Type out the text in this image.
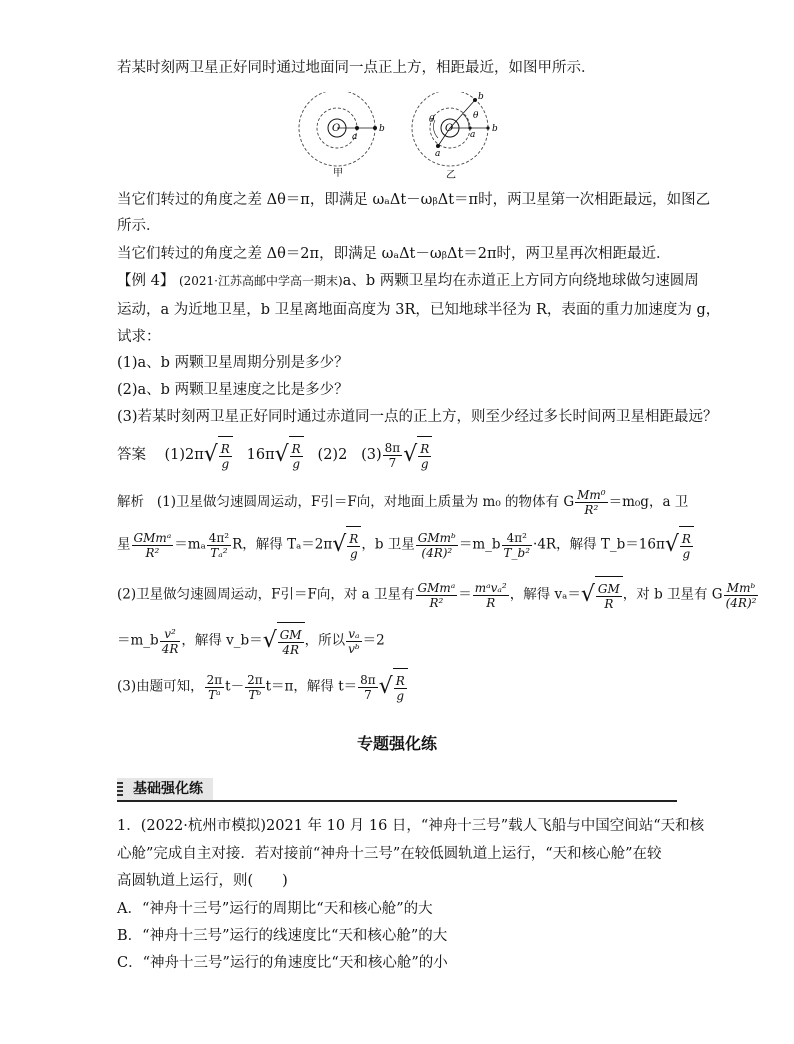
若某时刻两卫星正好同时通过地面同一点正上方，相距最近，如图甲所示．
O
a
b
甲
O
b
θ
θ
a
b
a
乙
当它们转过的角度之差 Δθ＝π，即满足 ωₐΔt－ωᵦΔt＝π时，两卫星第一次相距最远，如图乙
所示．
当它们转过的角度之差 Δθ＝2π，即满足 ωₐΔt－ωᵦΔt＝2π时，两卫星再次相距最近．
【例 4】 (2021·江苏高邮中学高一期末)a、b 两颗卫星均在赤道正上方同方向绕地球做匀速圆周
运动，a 为近地卫星，b 卫星离地面高度为 3R，已知地球半径为 R，表面的重力加速度为 g，
试求：
(1)a、b 两颗卫星周期分别是多少？
(2)a、b 两颗卫星速度之比是多少？
(3)若某时刻两卫星正好同时通过赤道同一点的正上方，则至少经过多长时间两卫星相距最远？
答案 $(1)2\pi√ \frac{R}{g} 16\pi√ \frac{R}{g} (2)2$ $(3) \frac{8\pi}{7}$ √ $\frac{R}{g}$
解析 (1)卫星做匀速圆周运动，F引＝F向，对地面上质量为 m₀ 的物体有 G $\frac{\text{Mm⁰}}{\text{R²}} =m_0g$，a 卫
星 $\frac{\text{GMmᵃ}}{\text{R²}} =m_a \frac{\text{4π²}}{\text{Tₐ²}}$ R，解得 $T_a=2\pi√ \frac{R}{g}$ ，b 卫星 $\frac{\text{GMmᵇ}}{\text{(4R)²}}$ ＝m_b $\frac{\text{4π²}}{\text{T\_b²}} \cdot 4R$，解得 T_b＝16π√ $\frac{R}{g}$
(2)卫星做匀速圆周运动，F引＝F向，对 a 卫星有 $\frac{\text{GMmᵃ}}{\text{R²}} = \frac{\text{mᵃvₐ²}}{R}$ ，解得 $v_a=√ \frac{GM}{R}$ ，对 b 卫星有 G $\frac{\text{Mmᵇ}}{\text{(4R)²}}$
＝m_b $\frac{\text{v²}}{4R}$ ，解得 v_b＝√ $\frac{GM}{4R}$ ，所以 $\frac{\text{vₐ}}{\text{vᵇ}} =2$
(3)由题可知， $\frac{2\pi}{\text{Tᵃ}} t- \frac{2\pi}{\text{Tᵇ}} t=\pi$，解得 $t= \frac{8\pi}{7}$ √ $\frac{R}{g}$
专题强化练
基础强化练
1．(2022·杭州市模拟)2021 年 10 月 16 日，“神舟十三号”载人飞船与中国空间站“天和核
心舱”完成自主对接．若对接前“神舟十三号”在较低圆轨道上运行，“天和核心舱”在较
高圆轨道上运行，则(　　)
A．“神舟十三号”运行的周期比“天和核心舱”的大
B．“神舟十三号”运行的线速度比“天和核心舱”的大
C．“神舟十三号”运行的角速度比“天和核心舱”的小
